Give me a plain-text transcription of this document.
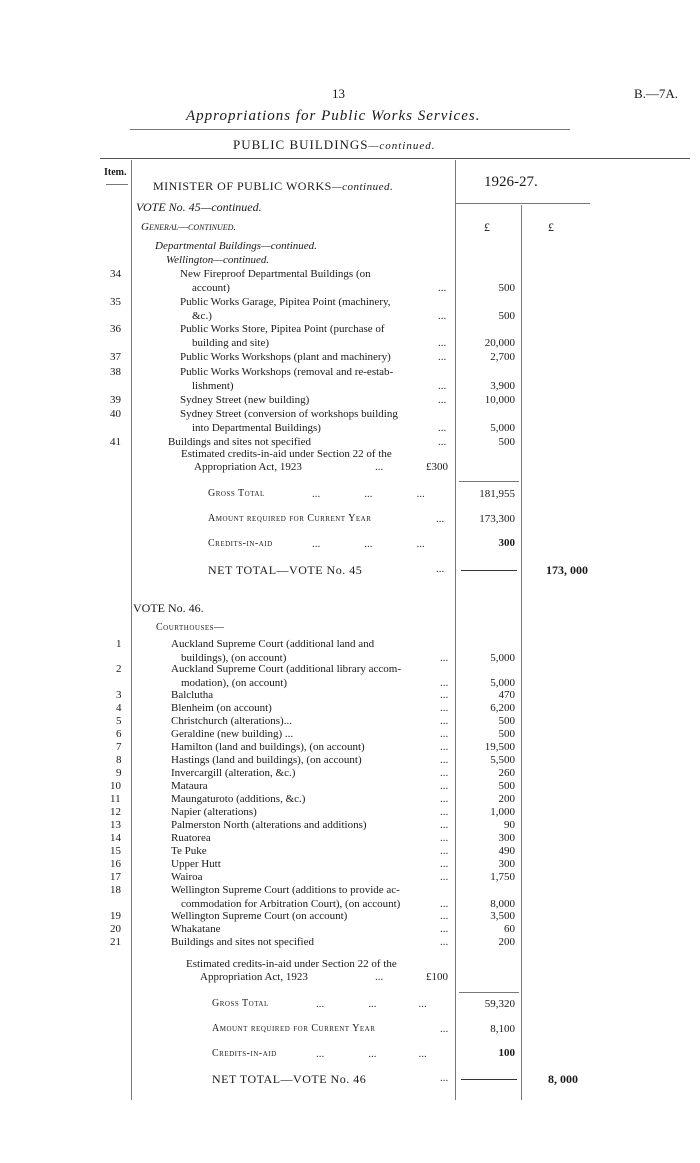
13	B.—7A.
Appropriations for Public Works Services.
PUBLIC BUILDINGS—continued.
Item.
MINISTER OF PUBLIC WORKS—continued.	1926-27.
£	£
VOTE No. 45—continued.
General—continued.
Departmental Buildings—continued.
Wellington—continued.
34	New Fireproof Departmental Buildings (on
account)	...	500
35	Public Works Garage, Pipitea Point (machinery,
&c.)	...	500
36	Public Works Store, Pipitea Point (purchase of
building and site)	...	20,000
37	Public Works Workshops (plant and machinery)	...	2,700
38	Public Works Workshops (removal and re-estab-
lishment)	...	3,900
39	Sydney Street (new building)	...	10,000
40	Sydney Street (conversion of workshops building
into Departmental Buildings)	...	5,000
41	Buildings and sites not specified	...	500
Estimated credits-in-aid under Section 22 of the
Appropriation Act, 1923	...	£300
Gross Total	...	...	...	181,955
Amount required for Current Year	...	173,300
Credits-in-aid	...	...	...	300
NET TOTAL—VOTE No. 45	...	173, 000
VOTE No. 46.
Courthouses—
1	Auckland Supreme Court (additional land and
buildings), (on account)	...	5,000
2	Auckland Supreme Court (additional library accom-
modation), (on account)	...	5,000
3	Balclutha	...	470
4	Blenheim (on account)	...	6,200
5	Christchurch (alterations)...	...	500
6	Geraldine (new building) ...	...	500
7	Hamilton (land and buildings), (on account)	...	19,500
8	Hastings (land and buildings), (on account)	...	5,500
9	Invercargill (alteration, &c.)	...	260
10	Mataura	...	500
11	Maungaturoto (additions, &c.)	...	200
12	Napier (alterations)	...	1,000
13	Palmerston North (alterations and additions)	...	90
14	Ruatorea	...	300
15	Te Puke	...	490
16	Upper Hutt	...	300
17	Wairoa	...	1,750
18	Wellington Supreme Court (additions to provide ac-
commodation for Arbitration Court), (on account)	...	8,000
19	Wellington Supreme Court (on account)	...	3,500
20	Whakatane	...	60
21	Buildings and sites not specified	...	200
Estimated credits-in-aid under Section 22 of the
Appropriation Act, 1923	...	£100
Gross Total	...	...	...	59,320
Amount required for Current Year	...	8,100
Credits-in-aid	...	...	...	100
NET TOTAL—VOTE No. 46	...	8, 000
